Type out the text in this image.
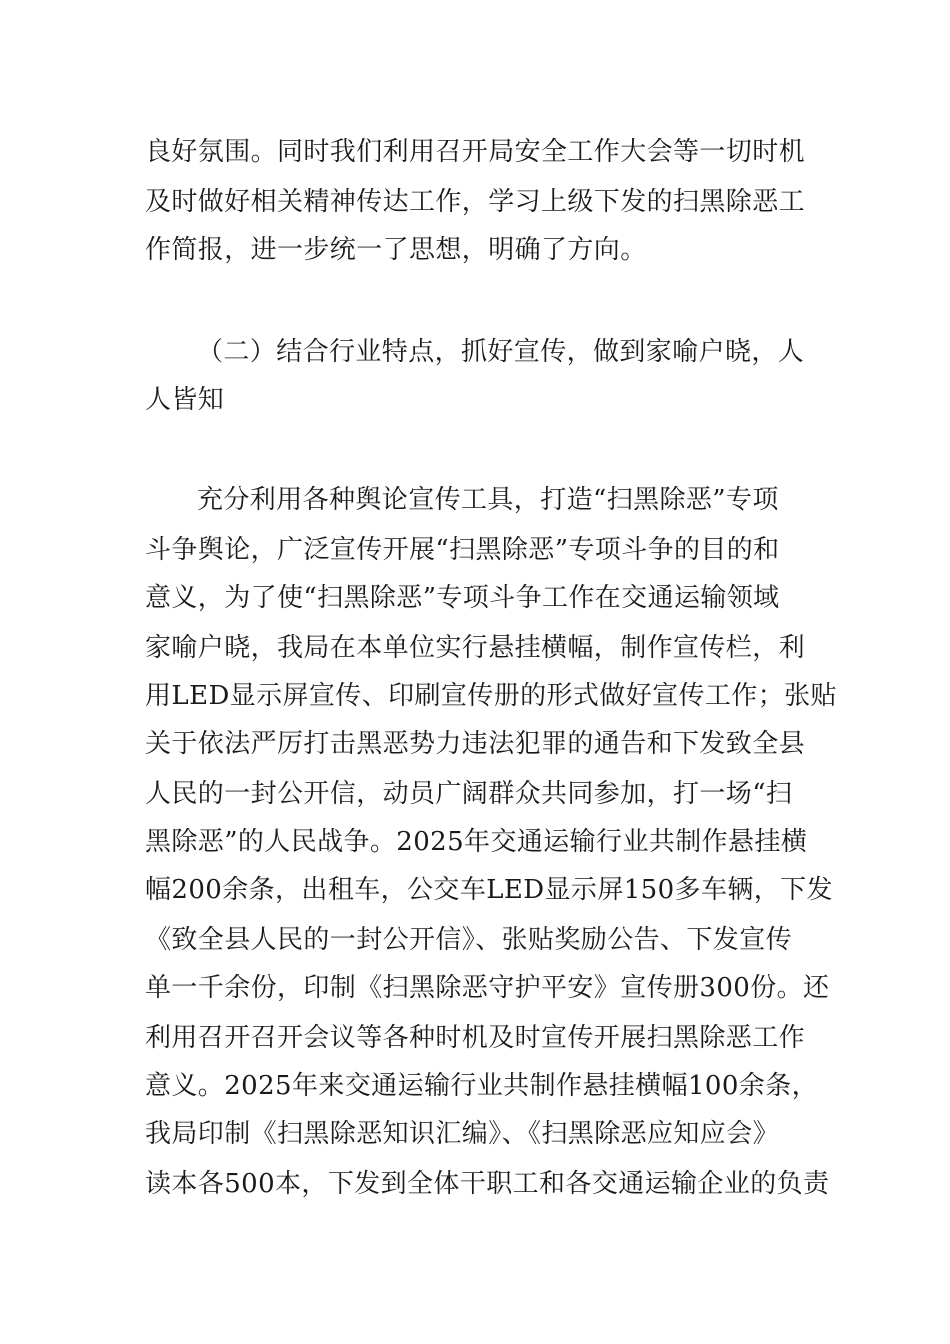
良好氛围。同时我们利用召开局安全工作大会等一切时机
及时做好相关精神传达工作，学习上级下发的扫黑除恶工
作简报，进一步统一了思想，明确了方向。
（二）结合行业特点，抓好宣传，做到家喻户晓，人
人皆知
充分利用各种舆论宣传工具，打造“扫黑除恶”专项
斗争舆论，广泛宣传开展“扫黑除恶”专项斗争的目的和
意义，为了使“扫黑除恶”专项斗争工作在交通运输领域
家喻户晓，我局在本单位实行悬挂横幅，制作宣传栏，利
用LED显示屏宣传、印刷宣传册的形式做好宣传工作；张贴
关于依法严厉打击黑恶势力违法犯罪的通告和下发致全县
人民的一封公开信，动员广阔群众共同参加，打一场“扫
黑除恶”的人民战争。2025年交通运输行业共制作悬挂横
幅200余条，出租车，公交车LED显示屏150多车辆，下发
《致全县人民的一封公开信》、张贴奖励公告、下发宣传
单一千余份，印制《扫黑除恶守护平安》宣传册300份。还
利用召开召开会议等各种时机及时宣传开展扫黑除恶工作
意义。2025年来交通运输行业共制作悬挂横幅100余条，
我局印制《扫黑除恶知识汇编》、《扫黑除恶应知应会》
读本各500本，下发到全体干职工和各交通运输企业的负责
